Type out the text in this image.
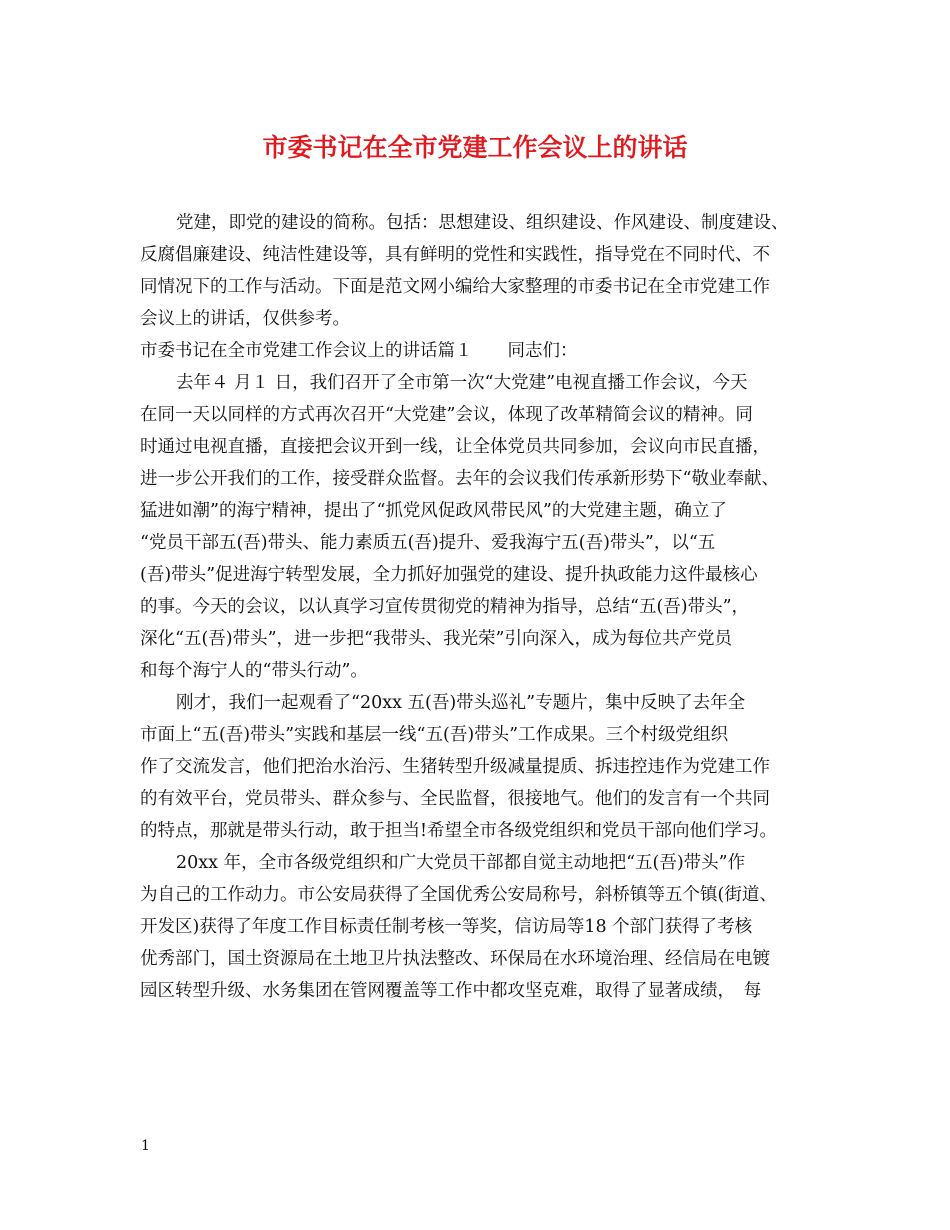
市委书记在全市党建工作会议上的讲话
党建，即党的建设的简称。包括：思想建设、组织建设、作风建设、制度建设、
反腐倡廉建设、纯洁性建设等，具有鲜明的党性和实践性，指导党在不同时代、不
同情况下的工作与活动。下面是范文网小编给大家整理的市委书记在全市党建工作
会议上的讲话，仅供参考。
市委书记在全市党建工作会议上的讲话篇１　　同志们：
去年４ 月１ 日，我们召开了全市第一次“大党建”电视直播工作会议，今天
在同一天以同样的方式再次召开“大党建”会议，体现了改革精简会议的精神。同
时通过电视直播，直接把会议开到一线，让全体党员共同参加，会议向市民直播，
进一步公开我们的工作，接受群众监督。去年的会议我们传承新形势下“敬业奉献、
猛进如潮”的海宁精神，提出了“抓党风促政风带民风”的大党建主题，确立了
“党员干部五(吾)带头、能力素质五(吾)提升、爱我海宁五(吾)带头”，以“五
(吾)带头”促进海宁转型发展，全力抓好加强党的建设、提升执政能力这件最核心
的事。今天的会议，以认真学习宣传贯彻党的精神为指导，总结“五(吾)带头”，
深化“五(吾)带头”，进一步把“我带头、我光荣”引向深入，成为每位共产党员
和每个海宁人的“带头行动”。
刚才，我们一起观看了“20xx 五(吾)带头巡礼”专题片，集中反映了去年全
市面上“五(吾)带头”实践和基层一线“五(吾)带头”工作成果。三个村级党组织
作了交流发言，他们把治水治污、生猪转型升级减量提质、拆违控违作为党建工作
的有效平台，党员带头、群众参与、全民监督，很接地气。他们的发言有一个共同
的特点，那就是带头行动，敢于担当!希望全市各级党组织和党员干部向他们学习。
20xx 年，全市各级党组织和广大党员干部都自觉主动地把“五(吾)带头”作
为自己的工作动力。市公安局获得了全国优秀公安局称号，斜桥镇等五个镇(街道、
开发区)获得了年度工作目标责任制考核一等奖，信访局等18 个部门获得了考核
优秀部门，国土资源局在土地卫片执法整改、环保局在水环境治理、经信局在电镀
园区转型升级、水务集团在管网覆盖等工作中都攻坚克难，取得了显著成绩，　每
1
